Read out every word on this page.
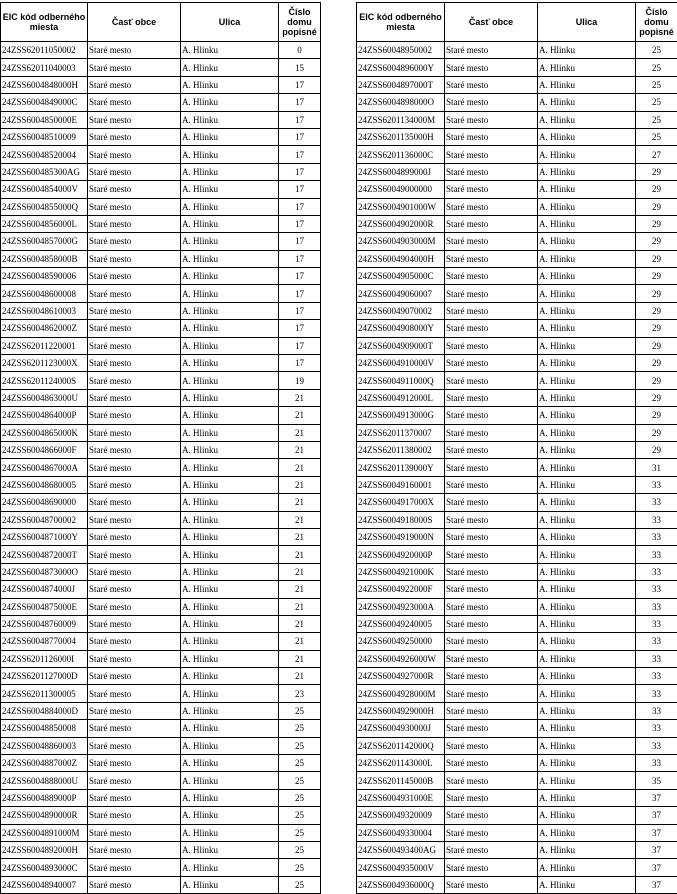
EIC kód odberného miesta	Časť obce	Ulica	Číslo domu popisné
24ZSS62011050002	Staré mesto	A. Hlinku	0
24ZSS62011040003	Staré mesto	A. Hlinku	15
24ZSS6004848000H	Staré mesto	A. Hlinku	17
24ZSS6004849000C	Staré mesto	A. Hlinku	17
24ZSS6004850000E	Staré mesto	A. Hlinku	17
24ZSS60048510009	Staré mesto	A. Hlinku	17
24ZSS60048520004	Staré mesto	A. Hlinku	17
24ZSS600485300AG	Staré mesto	A. Hlinku	17
24ZSS6004854000V	Staré mesto	A. Hlinku	17
24ZSS6004855000Q	Staré mesto	A. Hlinku	17
24ZSS6004856000L	Staré mesto	A. Hlinku	17
24ZSS6004857000G	Staré mesto	A. Hlinku	17
24ZSS6004858000B	Staré mesto	A. Hlinku	17
24ZSS60048590006	Staré mesto	A. Hlinku	17
24ZSS60048600008	Staré mesto	A. Hlinku	17
24ZSS60048610003	Staré mesto	A. Hlinku	17
24ZSS6004862000Z	Staré mesto	A. Hlinku	17
24ZSS62011220001	Staré mesto	A. Hlinku	17
24ZSS6201123000X	Staré mesto	A. Hlinku	17
24ZSS6201124000S	Staré mesto	A. Hlinku	19
24ZSS6004863000U	Staré mesto	A. Hlinku	21
24ZSS6004864000P	Staré mesto	A. Hlinku	21
24ZSS6004865000K	Staré mesto	A. Hlinku	21
24ZSS6004866000F	Staré mesto	A. Hlinku	21
24ZSS6004867000A	Staré mesto	A. Hlinku	21
24ZSS60048680005	Staré mesto	A. Hlinku	21
24ZSS60048690000	Staré mesto	A. Hlinku	21
24ZSS60048700002	Staré mesto	A. Hlinku	21
24ZSS6004871000Y	Staré mesto	A. Hlinku	21
24ZSS6004872000T	Staré mesto	A. Hlinku	21
24ZSS6004873000O	Staré mesto	A. Hlinku	21
24ZSS6004874000J	Staré mesto	A. Hlinku	21
24ZSS6004875000E	Staré mesto	A. Hlinku	21
24ZSS60048760009	Staré mesto	A. Hlinku	21
24ZSS60048770004	Staré mesto	A. Hlinku	21
24ZSS6201126000I	Staré mesto	A. Hlinku	21
24ZSS6201127000D	Staré mesto	A. Hlinku	21
24ZSS62011300005	Staré mesto	A. Hlinku	23
24ZSS6004884000D	Staré mesto	A. Hlinku	25
24ZSS60048850008	Staré mesto	A. Hlinku	25
24ZSS60048860003	Staré mesto	A. Hlinku	25
24ZSS6004887000Z	Staré mesto	A. Hlinku	25
24ZSS6004888000U	Staré mesto	A. Hlinku	25
24ZSS6004889000P	Staré mesto	A. Hlinku	25
24ZSS6004890000R	Staré mesto	A. Hlinku	25
24ZSS6004891000M	Staré mesto	A. Hlinku	25
24ZSS6004892000H	Staré mesto	A. Hlinku	25
24ZSS6004893000C	Staré mesto	A. Hlinku	25
24ZSS60048940007	Staré mesto	A. Hlinku	25
EIC kód odberného miesta	Časť obce	Ulica	Číslo domu popisné
24ZSS60048950002	Staré mesto	A. Hlinku	25
24ZSS6004896000Y	Staré mesto	A. Hlinku	25
24ZSS6004897000T	Staré mesto	A. Hlinku	25
24ZSS6004898000O	Staré mesto	A. Hlinku	25
24ZSS6201134000M	Staré mesto	A. Hlinku	25
24ZSS6201135000H	Staré mesto	A. Hlinku	25
24ZSS6201136000C	Staré mesto	A. Hlinku	27
24ZSS6004899000J	Staré mesto	A. Hlinku	29
24ZSS60049000000	Staré mesto	A. Hlinku	29
24ZSS6004901000W	Staré mesto	A. Hlinku	29
24ZSS6004902000R	Staré mesto	A. Hlinku	29
24ZSS6004903000M	Staré mesto	A. Hlinku	29
24ZSS6004904000H	Staré mesto	A. Hlinku	29
24ZSS6004905000C	Staré mesto	A. Hlinku	29
24ZSS60049060007	Staré mesto	A. Hlinku	29
24ZSS60049070002	Staré mesto	A. Hlinku	29
24ZSS6004908000Y	Staré mesto	A. Hlinku	29
24ZSS6004909000T	Staré mesto	A. Hlinku	29
24ZSS6004910000V	Staré mesto	A. Hlinku	29
24ZSS6004911000Q	Staré mesto	A. Hlinku	29
24ZSS6004912000L	Staré mesto	A. Hlinku	29
24ZSS6004913000G	Staré mesto	A. Hlinku	29
24ZSS62011370007	Staré mesto	A. Hlinku	29
24ZSS62011380002	Staré mesto	A. Hlinku	29
24ZSS6201139000Y	Staré mesto	A. Hlinku	31
24ZSS60049160001	Staré mesto	A. Hlinku	33
24ZSS6004917000X	Staré mesto	A. Hlinku	33
24ZSS6004918000S	Staré mesto	A. Hlinku	33
24ZSS6004919000N	Staré mesto	A. Hlinku	33
24ZSS6004920000P	Staré mesto	A. Hlinku	33
24ZSS6004921000K	Staré mesto	A. Hlinku	33
24ZSS6004922000F	Staré mesto	A. Hlinku	33
24ZSS6004923000A	Staré mesto	A. Hlinku	33
24ZSS60049240005	Staré mesto	A. Hlinku	33
24ZSS60049250000	Staré mesto	A. Hlinku	33
24ZSS6004926000W	Staré mesto	A. Hlinku	33
24ZSS6004927000R	Staré mesto	A. Hlinku	33
24ZSS6004928000M	Staré mesto	A. Hlinku	33
24ZSS6004929000H	Staré mesto	A. Hlinku	33
24ZSS6004930000J	Staré mesto	A. Hlinku	33
24ZSS6201142000Q	Staré mesto	A. Hlinku	33
24ZSS6201143000L	Staré mesto	A. Hlinku	33
24ZSS6201145000B	Staré mesto	A. Hlinku	35
24ZSS6004931000E	Staré mesto	A. Hlinku	37
24ZSS60049320009	Staré mesto	A. Hlinku	37
24ZSS60049330004	Staré mesto	A. Hlinku	37
24ZSS600493400AG	Staré mesto	A. Hlinku	37
24ZSS6004935000V	Staré mesto	A. Hlinku	37
24ZSS6004936000Q	Staré mesto	A. Hlinku	37
